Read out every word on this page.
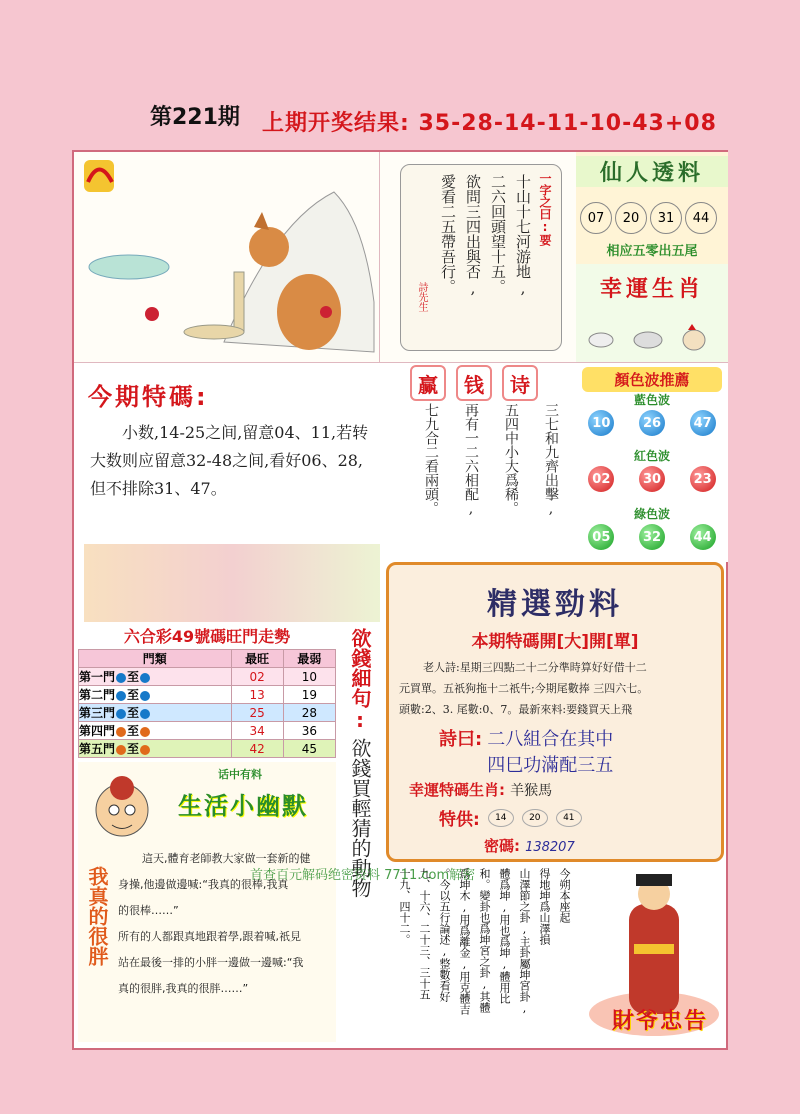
第221期 上期开奖结果: 35-28-14-11-10-43+08
一字之曰:要
十山十七河游地,
二六回頭望十五。
欲問三四出與否,
愛看二五帶吾行。
詩先生
仙人透料
07	20	31	44
相应五零出五尾
幸運生肖
今期特碼:
小数,14-25之间,留意04、11,若转大数则应留意32-48之间,看好06、28,但不排除31、47。
赢	钱	诗
三七和九齊出擊,
五四中小大爲稀。
再有一二六相配,
七九合二看兩頭。
顏色波推薦
藍色波
10	26	47
紅色波
02	30	23
綠色波
05	32	44
六合彩49號碼旺門走勢
門類	最旺	最弱
第一門 至	02	10
第二門 至	13	19
第三門 至	25	28
第四門 至	34	36
第五門 至	42	45
欲錢細句:
欲錢買輕猜的動物
话中有料
生活小幽默
我真的很胖
這天,體育老師教大家做一套新的健
身操,他邊做邊喊:“我真的很棒,我真
的很棒……”
所有的人都跟真地跟着學,跟着喊,祇見
站在最後一排的小胖一邊做一邊喊:“我
真的很胖,我真的很胖……”
精選勁料
本期特碼開[大]開[單]
老人詩:星期三四點二十二分準時算好好借十二
元買單。五祇狗拖十二祇牛;今期尾數捧 三四六七。
頭數:2、3. 尾數:0、7。最新來料:要錢買天上飛
詩曰: 二八組合在其中
四巳功滿配三五
幸運特碼生肖: 羊猴馬
特供:	14	20	41
密碼: 138207
今朔本座起
得地坤爲山澤損
山澤節之卦,主卦屬坤宮卦,
體爲坤,用也爲坤,體用比
和。變卦也爲坤宮之卦,其體
爲坤木,用爲離金,用克體吉
。今以五行論述,整數看好
九、十六、二十三、三十五
十九、四十二。
財爷忠告
首查百元解码绝密资料 7711.com解密
